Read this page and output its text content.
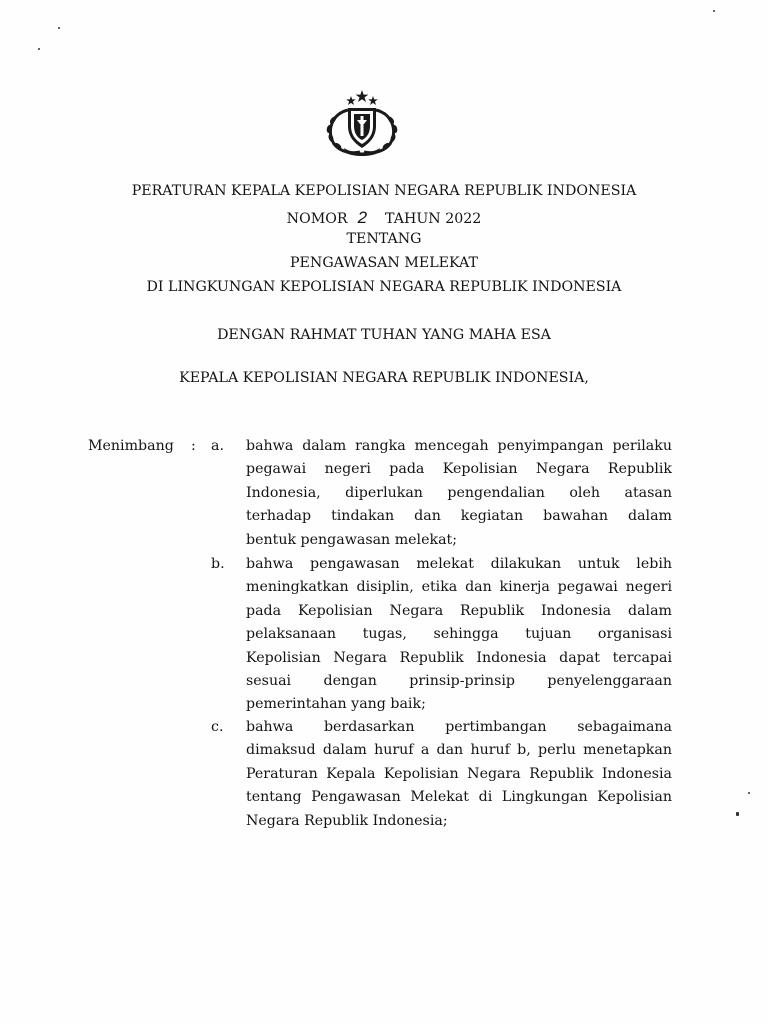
PERATURAN KEPALA KEPOLISIAN NEGARA REPUBLIK INDONESIA
NOMOR 2 TAHUN 2022
TENTANG
PENGAWASAN MELEKAT
DI LINGKUNGAN KEPOLISIAN NEGARA REPUBLIK INDONESIA
DENGAN RAHMAT TUHAN YANG MAHA ESA
KEPALA KEPOLISIAN NEGARA REPUBLIK INDONESIA,
Menimbang : a. bahwa dalam rangka mencegah penyimpangan perilaku
pegawai negeri pada Kepolisian Negara Republik
Indonesia, diperlukan pengendalian oleh atasan
terhadap tindakan dan kegiatan bawahan dalam
bentuk pengawasan melekat;
b. bahwa pengawasan melekat dilakukan untuk lebih
meningkatkan disiplin, etika dan kinerja pegawai negeri
pada Kepolisian Negara Republik Indonesia dalam
pelaksanaan tugas, sehingga tujuan organisasi
Kepolisian Negara Republik Indonesia dapat tercapai
sesuai dengan prinsip-prinsip penyelenggaraan
pemerintahan yang baik;
c. bahwa berdasarkan pertimbangan sebagaimana
dimaksud dalam huruf a dan huruf b, perlu menetapkan
Peraturan Kepala Kepolisian Negara Republik Indonesia
tentang Pengawasan Melekat di Lingkungan Kepolisian
Negara Republik Indonesia;
